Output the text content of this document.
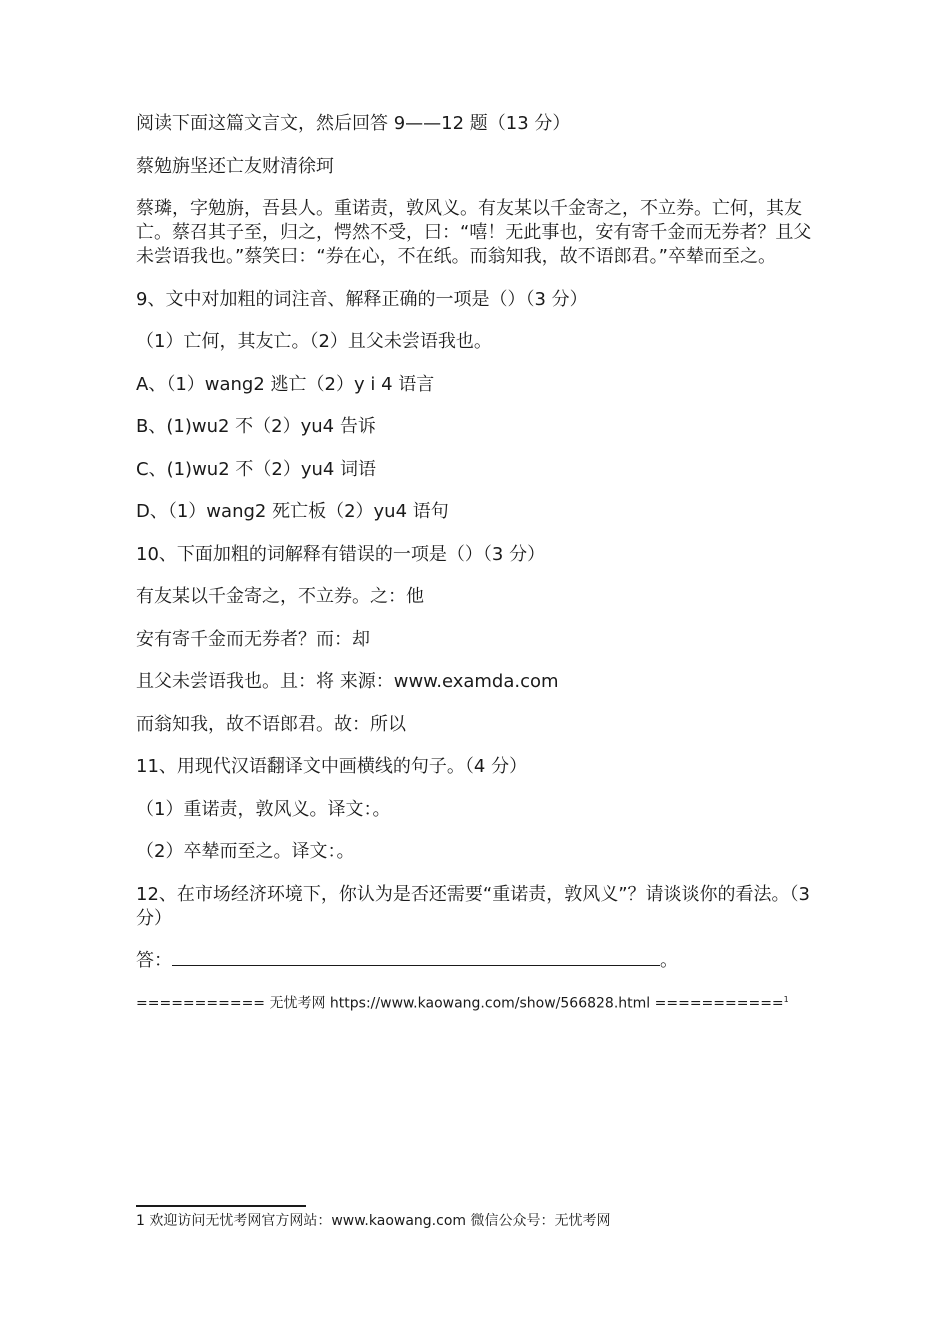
阅读下面这篇文言文，然后回答 9——12 题（13 分）

蔡勉旃坚还亡友财清徐珂

蔡璘，字勉旃，吾县人。重诺责，敦风义。有友某以千金寄之，不立券。亡何，其友亡。蔡召其子至，归之，愕然不受，曰：“嘻！无此事也，安有寄千金而无券者？且父未尝语我也。”蔡笑曰：“券在心，不在纸。而翁知我，故不语郎君。”卒辇而至之。

9、文中对加粗的词注音、解释正确的一项是（）（3 分）

（1）亡何，其友亡。（2）且父未尝语我也。

A、（1）wang2 逃亡（2）y i 4 语言

B、(1)wu2 不（2）yu4 告诉

C、(1)wu2 不（2）yu4 词语

D、（1）wang2 死亡板（2）yu4 语句

10、下面加粗的词解释有错误的一项是（）（3 分）

有友某以千金寄之，不立券。之：他

安有寄千金而无券者？而：却

且父未尝语我也。且：将 来源：www.examda.com

而翁知我，故不语郎君。故：所以

11、用现代汉语翻译文中画横线的句子。（4 分）

（1）重诺责，敦风义。译文：。

（2）卒辇而至之。译文：。

12、在市场经济环境下，你认为是否还需要“重诺责，敦风义”？请谈谈你的看法。（3 分）

答：	。

=========== 无忧考网 https://www.kaowang.com/show/566828.html ===========$^1$
1 欢迎访问无忧考网官方网站：www.kaowang.com 微信公众号：无忧考网
